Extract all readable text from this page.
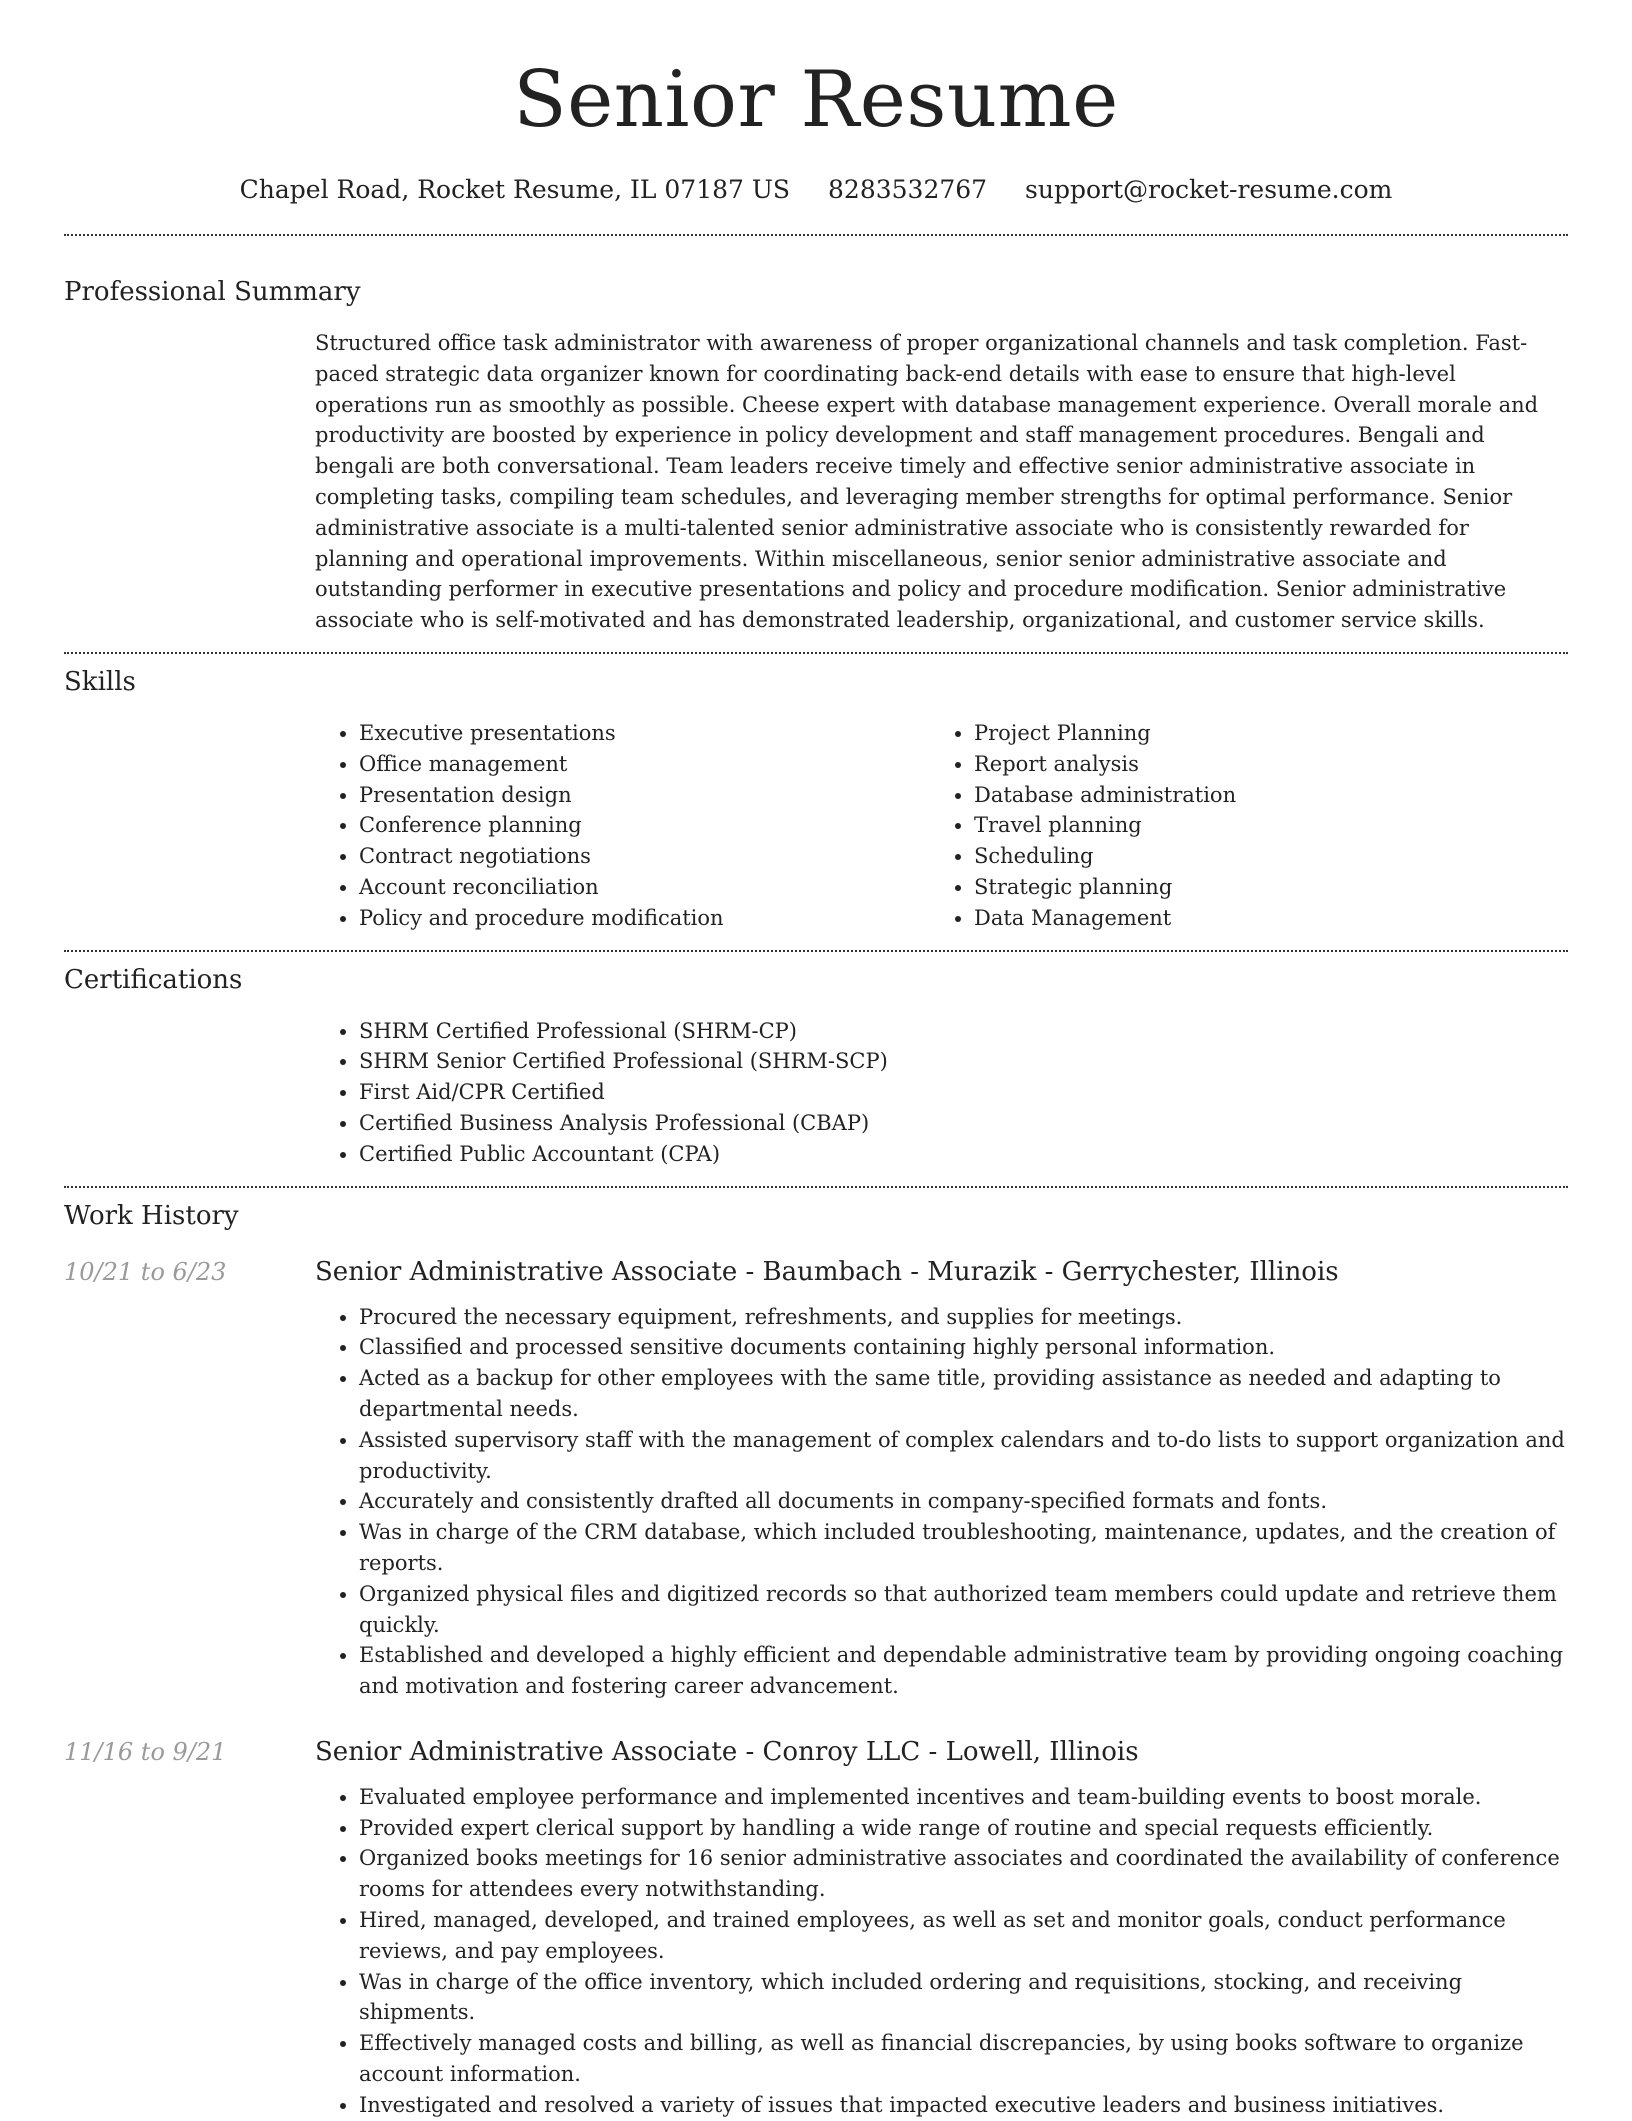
Senior Resume
Chapel Road, Rocket Resume, IL 07187 US 8283532767 support@rocket-resume.com
Professional Summary

Structured office task administrator with awareness of proper organizational channels and task completion. Fast-paced strategic data organizer known for coordinating back-end details with ease to ensure that high-level operations run as smoothly as possible. Cheese expert with database management experience. Overall morale and productivity are boosted by experience in policy development and staff management procedures. Bengali and bengali are both conversational. Team leaders receive timely and effective senior administrative associate in completing tasks, compiling team schedules, and leveraging member strengths for optimal performance. Senior administrative associate is a multi-talented senior administrative associate who is consistently rewarded for planning and operational improvements. Within miscellaneous, senior senior administrative associate and outstanding performer in executive presentations and policy and procedure modification. Senior administrative associate who is self-motivated and has demonstrated leadership, organizational, and customer service skills.

Skills
• Executive presentations
• Office management
• Presentation design
• Conference planning
• Contract negotiations
• Account reconciliation
• Policy and procedure modification
• Project Planning
• Report analysis
• Database administration
• Travel planning
• Scheduling
• Strategic planning
• Data Management
Certifications
• SHRM Certified Professional (SHRM-CP)
• SHRM Senior Certified Professional (SHRM-SCP)
• First Aid/CPR Certified
• Certified Business Analysis Professional (CBAP)
• Certified Public Accountant (CPA)
Work History
10/21 to 6/23	Senior Administrative Associate - Baumbach - Murazik - Gerrychester, Illinois
• Procured the necessary equipment, refreshments, and supplies for meetings.
• Classified and processed sensitive documents containing highly personal information.
• Acted as a backup for other employees with the same title, providing assistance as needed and adapting to departmental needs.
• Assisted supervisory staff with the management of complex calendars and to-do lists to support organization and productivity.
• Accurately and consistently drafted all documents in company-specified formats and fonts.
• Was in charge of the CRM database, which included troubleshooting, maintenance, updates, and the creation of reports.
• Organized physical files and digitized records so that authorized team members could update and retrieve them quickly.
• Established and developed a highly efficient and dependable administrative team by providing ongoing coaching and motivation and fostering career advancement.
11/16 to 9/21	Senior Administrative Associate - Conroy LLC - Lowell, Illinois
• Evaluated employee performance and implemented incentives and team-building events to boost morale.
• Provided expert clerical support by handling a wide range of routine and special requests efficiently.
• Organized books meetings for 16 senior administrative associates and coordinated the availability of conference rooms for attendees every notwithstanding.
• Hired, managed, developed, and trained employees, as well as set and monitor goals, conduct performance reviews, and pay employees.
• Was in charge of the office inventory, which included ordering and requisitions, stocking, and receiving shipments.
• Effectively managed costs and billing, as well as financial discrepancies, by using books software to organize account information.
• Investigated and resolved a variety of issues that impacted executive leaders and business initiatives.
